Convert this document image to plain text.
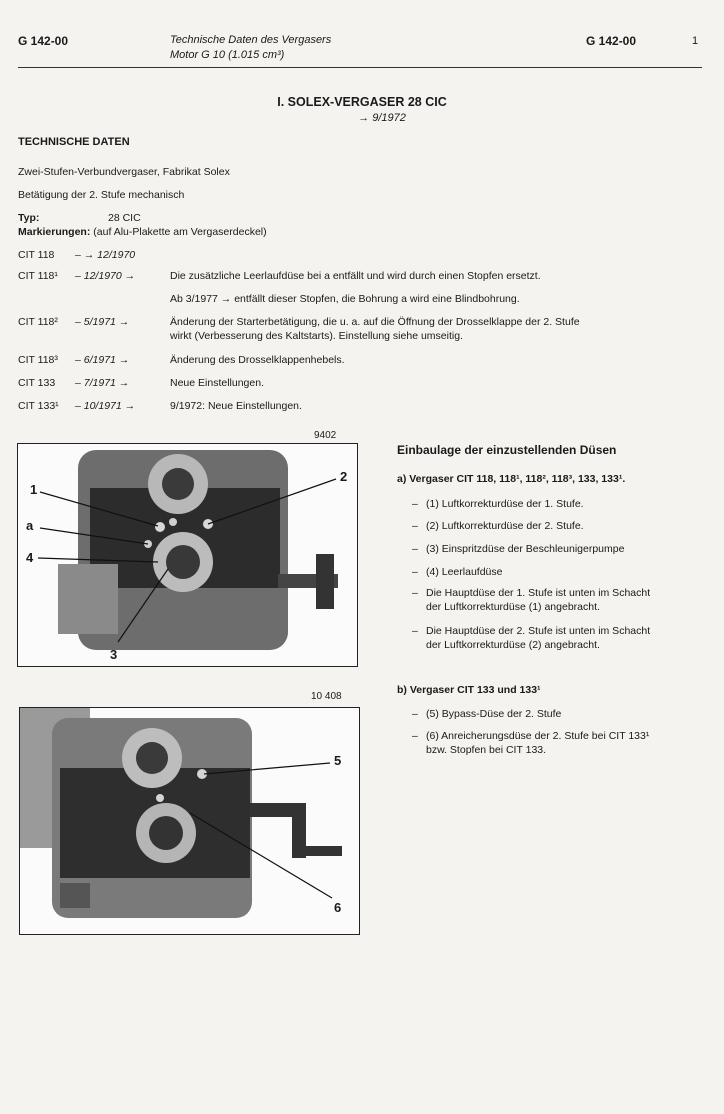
G 142-00	Technische Daten des Vergasers
Motor G 10 (1.015 cm³)
G 142-00	1
I. SOLEX-VERGASER 28 CIC
→ 9/1972
TECHNISCHE DATEN
Zwei-Stufen-Verbundvergaser, Fabrikat Solex
Betätigung der 2. Stufe mechanisch
Typ:	28 CIC
Markierungen: (auf Alu-Plakette am Vergaserdeckel)
CIT 118 – → 12/1970
CIT 118¹ – 12/1970 →	Die zusätzliche Leerlaufdüse bei a entfällt und wird durch einen Stopfen ersetzt.
Ab 3/1977 → entfällt dieser Stopfen, die Bohrung a wird eine Blindbohrung.
CIT 118² – 5/1971 →	Änderung der Starterbetätigung, die u. a. auf die Öffnung der Drosselklappe der 2. Stufe
wirkt (Verbesserung des Kaltstarts). Einstellung siehe umseitig.
CIT 118³ – 6/1971 →	Änderung des Drosselklappenhebels.
CIT 133 – 7/1971 →	Neue Einstellungen.
CIT 133¹ – 10/1971 →	9/1972: Neue Einstellungen.
9402
1
a
4
2
3
10 408
5
6
Einbaulage der einzustellenden Düsen
a) Vergaser CIT 118, 118¹, 118², 118³, 133, 133¹.
– (1) Luftkorrekturdüse der 1. Stufe.
– (2) Luftkorrekturdüse der 2. Stufe.
– (3) Einspritzdüse der Beschleunigerpumpe
– (4) Leerlaufdüse
– Die Hauptdüse der 1. Stufe ist unten im Schacht
der Luftkorrekturdüse (1) angebracht.
– Die Hauptdüse der 2. Stufe ist unten im Schacht
der Luftkorrekturdüse (2) angebracht.
b) Vergaser CIT 133 und 133¹
– (5) Bypass-Düse der 2. Stufe
– (6) Anreicherungsdüse der 2. Stufe bei CIT 133¹
bzw. Stopfen bei CIT 133.
